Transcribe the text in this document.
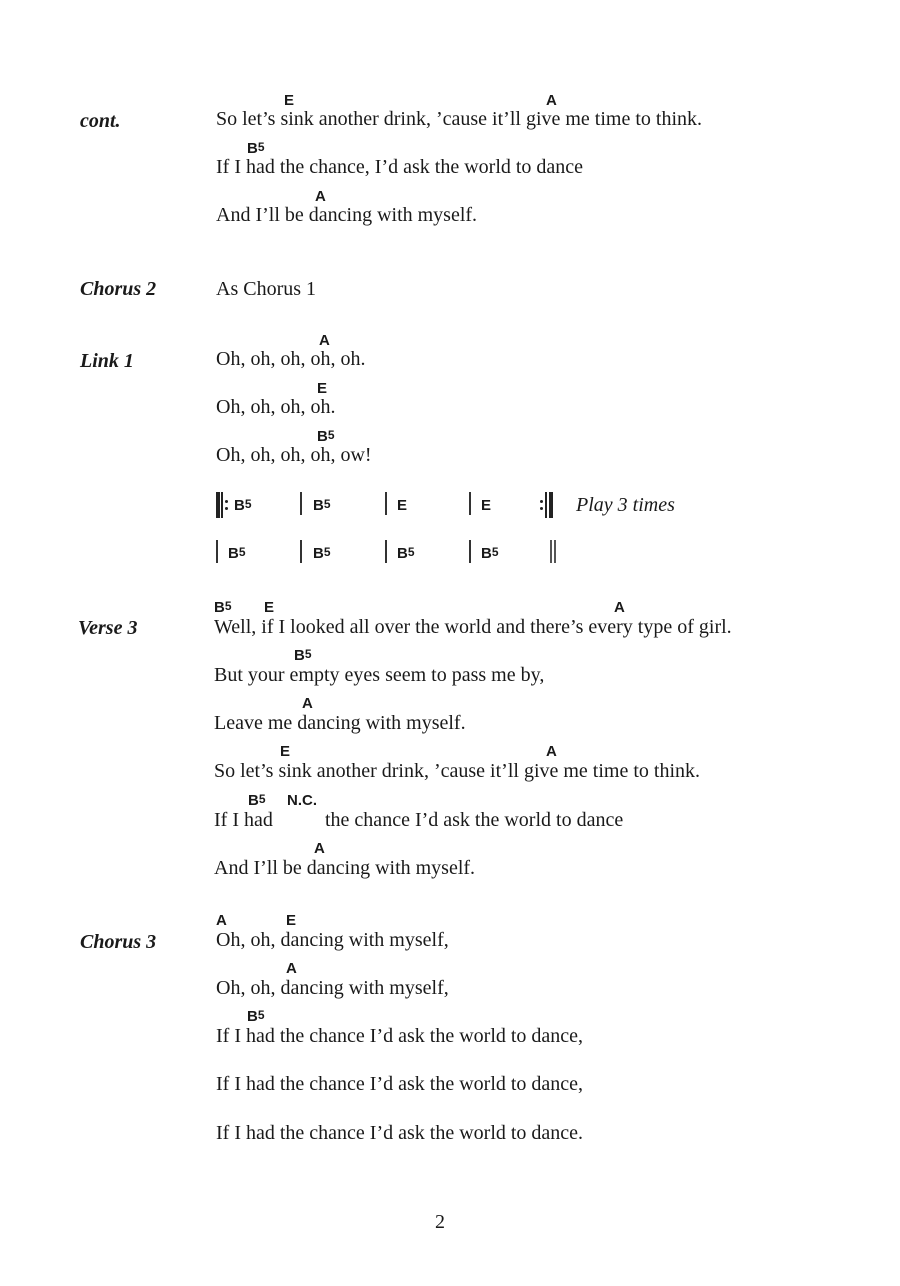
cont.
E	A
So let’s sink another drink, ’cause it’ll give me time to think.
B5
If I had the chance, I’d ask the world to dance
A
And I’ll be dancing with myself.
Chorus 2	As Chorus 1
Link 1
A
Oh, oh, oh, oh, oh.
E
Oh, oh, oh, oh.
B5
Oh, oh, oh, oh, ow!
B5	B5	E	E	Play 3 times
B5	B5	B5	B5
Verse 3
B5 E	A
Well, if I looked all over the world and there’s every type of girl.
B5
But your empty eyes seem to pass me by,
A
Leave me dancing with myself.
E	A
So let’s sink another drink, ’cause it’ll give me time to think.
B5 N.C.
If I had	the chance I’d ask the world to dance
A
And I’ll be dancing with myself.
Chorus 3
A	E
Oh, oh, dancing with myself,
A
Oh, oh, dancing with myself,
B5
If I had the chance I’d ask the world to dance,
If I had the chance I’d ask the world to dance,
If I had the chance I’d ask the world to dance.
2
